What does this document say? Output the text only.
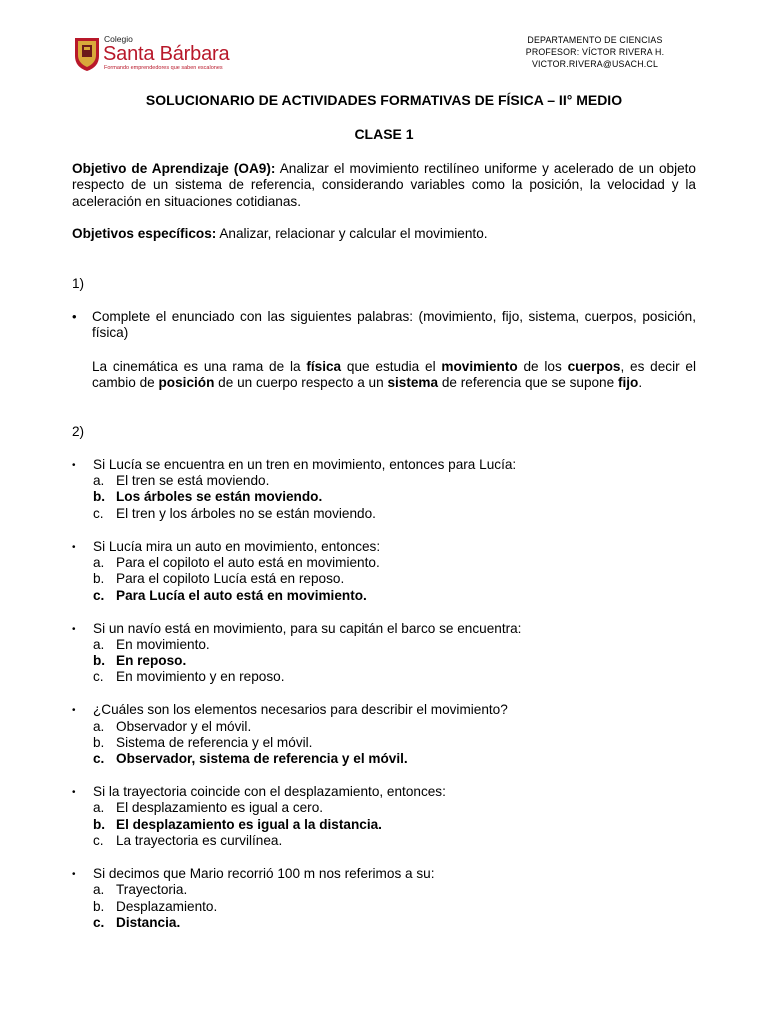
Colegio
Santa Bárbara
Formando emprendedores que saben escalones
DEPARTAMENTO DE CIENCIAS
PROFESOR: VÍCTOR RIVERA H.
VICTOR.RIVERA@USACH.CL
SOLUCIONARIO DE ACTIVIDADES FORMATIVAS DE FÍSICA – II° MEDIO
CLASE 1
Objetivo de Aprendizaje (OA9): Analizar el movimiento rectilíneo uniforme y acelerado de un objeto respecto de un sistema de referencia, considerando variables como la posición, la velocidad y la aceleración en situaciones cotidianas.
Objetivos específicos: Analizar, relacionar y calcular el movimiento.
1)
• Complete el enunciado con las siguientes palabras: (movimiento, fijo, sistema, cuerpos, posición, física)
La cinemática es una rama de la física que estudia el movimiento de los cuerpos, es decir el cambio de posición de un cuerpo respecto a un sistema de referencia que se supone fijo.
2)
• Si Lucía se encuentra en un tren en movimiento, entonces para Lucía:
a. El tren se está moviendo.
b. Los árboles se están moviendo.
c. El tren y los árboles no se están moviendo.
• Si Lucía mira un auto en movimiento, entonces:
a. Para el copiloto el auto está en movimiento.
b. Para el copiloto Lucía está en reposo.
c. Para Lucía el auto está en movimiento.
• Si un navío está en movimiento, para su capitán el barco se encuentra:
a. En movimiento.
b. En reposo.
c. En movimiento y en reposo.
• ¿Cuáles son los elementos necesarios para describir el movimiento?
a. Observador y el móvil.
b. Sistema de referencia y el móvil.
c. Observador, sistema de referencia y el móvil.
• Si la trayectoria coincide con el desplazamiento, entonces:
a. El desplazamiento es igual a cero.
b. El desplazamiento es igual a la distancia.
c. La trayectoria es curvilínea.
• Si decimos que Mario recorrió 100 m nos referimos a su:
a. Trayectoria.
b. Desplazamiento.
c. Distancia.
